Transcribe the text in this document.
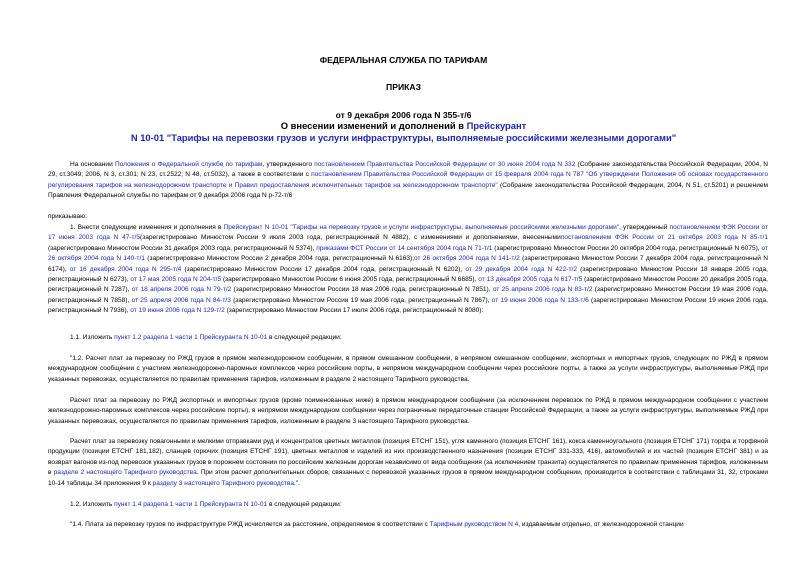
ФЕДЕРАЛЬНАЯ СЛУЖБА ПО ТАРИФАМ
ПРИКАЗ
от 9 декабря 2006 года N 355-т/6
О внесении изменений и дополнений в Прейскурант
N 10-01 "Тарифы на перевозки грузов и услуги инфраструктуры, выполняемые российскими железными дорогами"

На основании Положения о Федеральной службе по тарифам, утвержденного постановлением Правительства Российской Федерации от 30 июня 2004 года N 332 (Собрание законодательства Российской Федерации, 2004, N 29, ст.3049; 2006, N 3, ст.301; N 23, ст.2522; N 48, ст.5032), а также в соответствии с постановлением Правительства Российской Федерации от 15 февраля 2004 года N 787 "Об утверждении Положения об основах государственного регулирования тарифов на железнодорожном транспорте и Правил предоставления исключительных тарифов на железнодорожном транспорте" (Собрание законодательства Российской Федерации, 2004, N 51, ст.5201) и решением Правления Федеральной службы по тарифам от 9 декабря 2006 года N р-72-т/6

приказываю:

1. Внести следующие изменения и дополнения в Прейскурант N 10-01 "Тарифы на перевозку грузов и услуги инфраструктуры, выполняемые российскими железными дорогами", утвержденный постановлением ФЭК России от 17 июня 2003 года N 47-т/5(зарегистрировано Минюстом России 9 июля 2003 года, регистрационный N 4882), с изменениями и дополнениями, внесеннымипостановлением ФЭК России от 21 октября 2003 года N 85-т/1 (зарегистрировано Минюстом России 31 декабря 2003 года, регистрационный N 5374), приказами ФСТ России от 14 сентября 2004 года N 71-т/1 (зарегистрировано Минюстом России 20 октября 2004 года, регистрационный N 6075), от 26 октября 2004 года N 140-т/1 (зарегистрировано Минюстом России 2 декабря 2004 года, регистрационный N 6163);от 26 октября 2004 года N 141-т/2 (зарегистрировано Минюстом России 7 декабря 2004 года, регистрационный N 6174), от 16 декабря 2004 года N 295-т/4 (зарегистрировано Минюстом России 17 декабря 2004 года, регистрационный N 6202), от 29 декабря 2004 года N 422-т/2 (зарегистрировано Минюстом России 18 января 2005 года, регистрационный N 6273), от 17 мая 2005 года N 204-т/5 (зарегистрировано Минюстом России 6 июня 2005 года, регистрационный N 6685), от 13 декабря 2005 года N 617-т/5 (зарегистрировано Минюстом России 20 декабря 2005 года, регистрационный N 7287), от 18 апреля 2006 года N 79-т/2 (зарегистрировано Минюстом России 18 мая 2006 года, регистрационный N 7851), от 25 апреля 2006 года N 83-т/2 (зарегистрировано Минюстом России 19 мая 2006 года, регистрационный N 7858), от 25 апреля 2006 года N 84-т/3 (зарегистрировано Минюстом России 19 мая 2006 года, регистрационный N 7867), от 19 июня 2006 года N 133-т/6 (зарегистрировано Минюстом России 19 июня 2006 года, регистрационный N 7936), от 19 июня 2006 года N 129-т/2 (зарегистрировано Минюстом России 17 июля 2006 года, регистрационный N 8080):

1.1. Изложить пункт 1.2 раздела 1 части 1 Прейскуранта N 10-01 в следующей редакции:

"1.2. Расчет плат за перевозку по РЖД грузов в прямом железнодорожном сообщении, в прямом смешанном сообщении, в непрямом смешанном сообщении, экспортных и импортных грузов, следующих по РЖД в прямом международном сообщении с участием железнодорожно-паромных комплексов через российские порты, в непрямом международном сообщении через российские порты, а также за услуги инфраструктуры, выполняемые РЖД при указанных перевозках, осуществляется по правилам применения тарифов, изложенным в разделе 2 настоящего Тарифного руководства.

Расчет плат за перевозку по РЖД экспортных и импортных грузов (кроме поименованных ниже) в прямом международном сообщении (за исключением перевозок по РЖД в прямом международном сообщении с участием железнодорожно-паромных комплексов через российские порты), в непрямом международном сообщении через пограничные передаточные станции Российской Федерации, а также за услуги инфраструктуры, выполняемые РЖД при указанных перевозках, осуществляется по правилам применения тарифов, изложенным в разделе 3 настоящего Тарифного руководства.

Расчет плат за перевозку повагонными и мелкими отправками руд и концентратов цветных металлов (позиция ЕТСНГ 151), угля каменного (позиция ЕТСНГ 161), кокса каменноугольного (позиция ЕТСНГ 171) торфа и торфяной продукции (позиции ЕТСНГ 181,182), сланцев горючих (позиция ЕТСНГ 191), цветных металлов и изделий из них производственного назначения (позиции ЕТСНГ 331-333, 416), автомобилей и их частей (позиция ЕТСНГ 381) и за возврат вагонов из-под перевозок указанных грузов в порожнем состоянии по российским железным дорогам независимо от вида сообщения (за исключением транзита) осуществляется по правилам применения тарифов, изложенным в разделе 2 настоящего Тарифного руководства. При этом расчет дополнительных сборов, связанных с перевозкой указанных грузов в прямом международном сообщении, производится в соответствии с таблицами 31, 32, строками 10-14 таблицы 34 приложения 9 к разделу 3 настоящего Тарифного руководства.".

1.2. Изложить пункт 1.4 раздела 1 части 1 Прейскуранта N 10-01 в следующей редакции:

"1.4. Плата за перевозку грузов по инфраструктуре РЖД исчисляется за расстояние, определяемое в соответствии с Тарифным руководством N 4, издаваемым отдельно, от железнодорожной станции
